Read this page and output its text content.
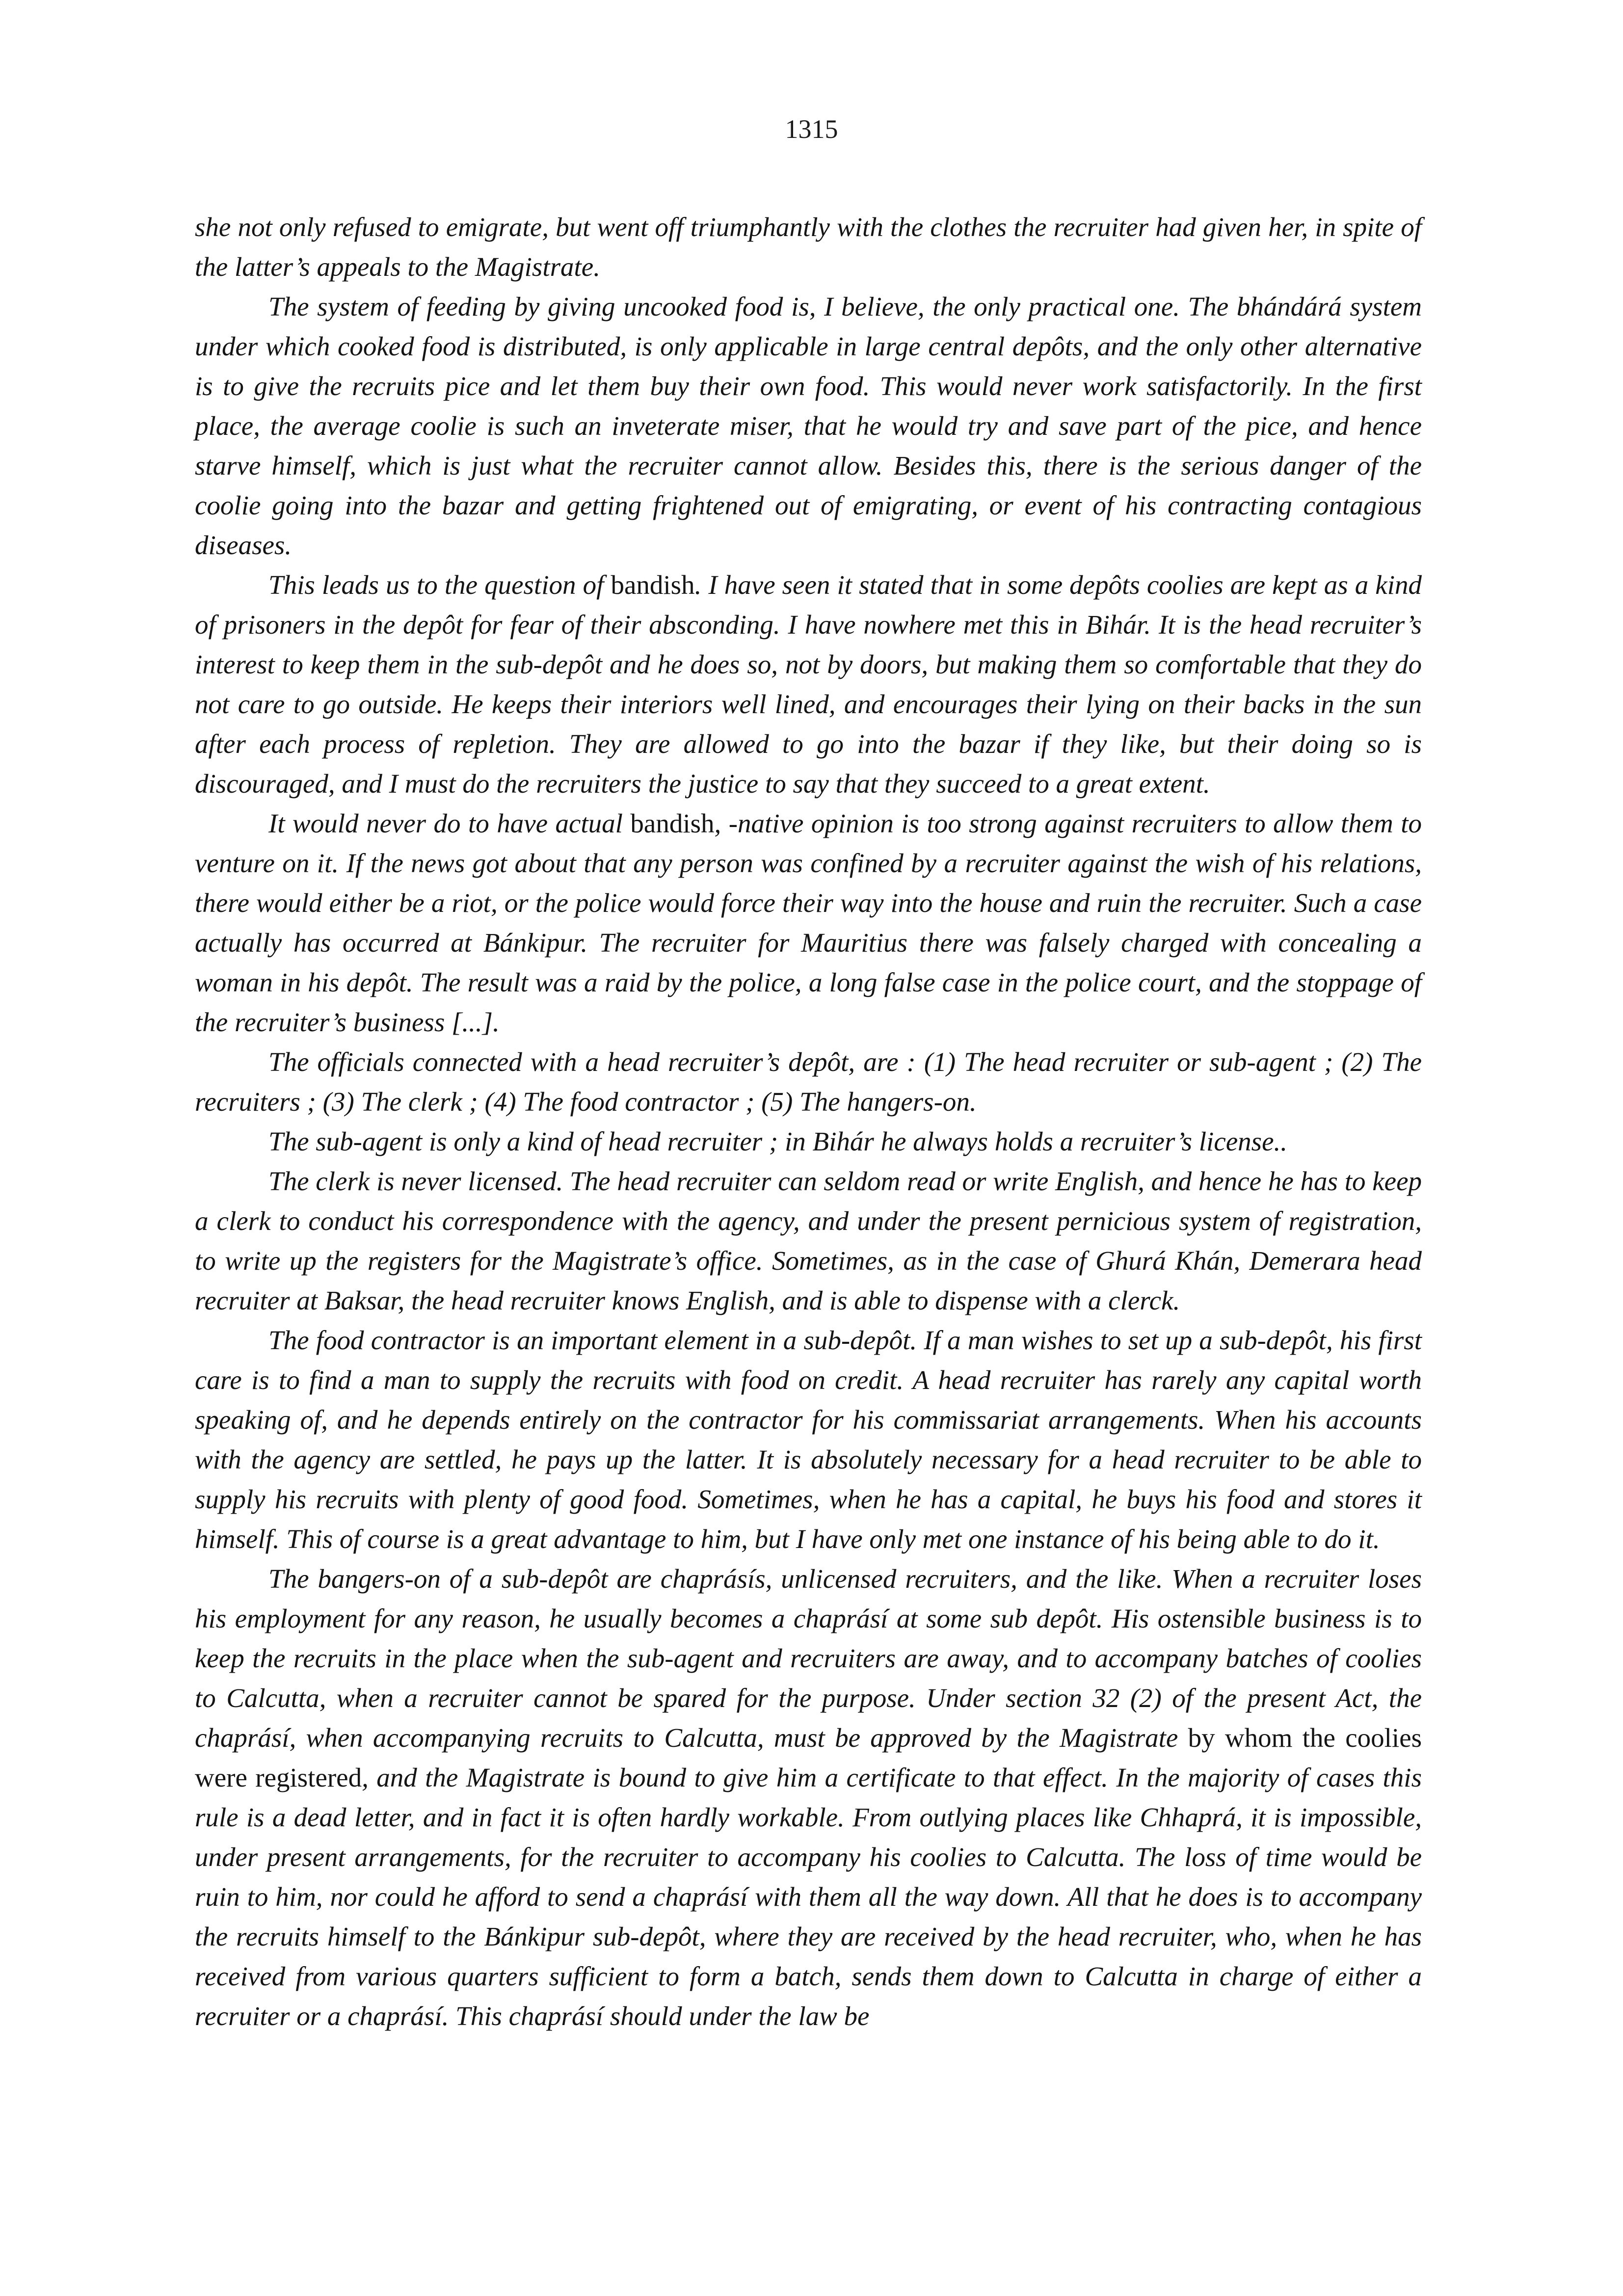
1315

she not only refused to emigrate, but went off triumphantly with the clothes the recruiter had given her, in spite of the latter’s appeals to the Magistrate.

The system of feeding by giving uncooked food is, I believe, the only practical one. The bhándárá system under which cooked food is distributed, is only applicable in large central depôts, and the only other alternative is to give the recruits pice and let them buy their own food. This would never work satisfactorily. In the first place, the average coolie is such an inveterate miser, that he would try and save part of the pice, and hence starve himself, which is just what the recruiter cannot allow. Besides this, there is the serious danger of the coolie going into the bazar and getting frightened out of emigrating, or event of his contracting contagious diseases.

This leads us to the question of bandish. I have seen it stated that in some depôts coolies are kept as a kind of prisoners in the depôt for fear of their absconding. I have nowhere met this in Bihár. It is the head recruiter’s interest to keep them in the sub-depôt and he does so, not by doors, but making them so comfortable that they do not care to go outside. He keeps their interiors well lined, and encourages their lying on their backs in the sun after each process of repletion. They are allowed to go into the bazar if they like, but their doing so is discouraged, and I must do the recruiters the justice to say that they succeed to a great extent.

It would never do to have actual bandish, -native opinion is too strong against recruiters to allow them to venture on it. If the news got about that any person was confined by a recruiter against the wish of his relations, there would either be a riot, or the police would force their way into the house and ruin the recruiter. Such a case actually has occurred at Bánkipur. The recruiter for Mauritius there was falsely charged with concealing a woman in his depôt. The result was a raid by the police, a long false case in the police court, and the stoppage of the recruiter’s business [...].

The officials connected with a head recruiter’s depôt, are : (1) The head recruiter or sub-agent ; (2) The recruiters ; (3) The clerk ; (4) The food contractor ; (5) The hangers-on.

The sub-agent is only a kind of head recruiter ; in Bihár he always holds a recruiter’s license..

The clerk is never licensed. The head recruiter can seldom read or write English, and hence he has to keep a clerk to conduct his correspondence with the agency, and under the present pernicious system of registration, to write up the registers for the Magistrate’s office. Sometimes, as in the case of Ghurá Khán, Demerara head recruiter at Baksar, the head recruiter knows English, and is able to dispense with a clerck.

The food contractor is an important element in a sub-depôt. If a man wishes to set up a sub-depôt, his first care is to find a man to supply the recruits with food on credit. A head recruiter has rarely any capital worth speaking of, and he depends entirely on the contractor for his commissariat arrangements. When his accounts with the agency are settled, he pays up the latter. It is absolutely necessary for a head recruiter to be able to supply his recruits with plenty of good food. Sometimes, when he has a capital, he buys his food and stores it himself. This of course is a great advantage to him, but I have only met one instance of his being able to do it.

The bangers-on of a sub-depôt are chaprásís, unlicensed recruiters, and the like. When a recruiter loses his employment for any reason, he usually becomes a chaprásí at some sub depôt. His ostensible business is to keep the recruits in the place when the sub-agent and recruiters are away, and to accompany batches of coolies to Calcutta, when a recruiter cannot be spared for the purpose. Under section 32 (2) of the present Act, the chaprásí, when accompanying recruits to Calcutta, must be approved by the Magistrate by whom the coolies were registered, and the Magistrate is bound to give him a certificate to that effect. In the majority of cases this rule is a dead letter, and in fact it is often hardly workable. From outlying places like Chhaprá, it is impossible, under present arrangements, for the recruiter to accompany his coolies to Calcutta. The loss of time would be ruin to him, nor could he afford to send a chaprásí with them all the way down. All that he does is to accompany the recruits himself to the Bánkipur sub-depôt, where they are received by the head recruiter, who, when he has received from various quarters sufficient to form a batch, sends them down to Calcutta in charge of either a recruiter or a chaprásí. This chaprásí should under the law be
